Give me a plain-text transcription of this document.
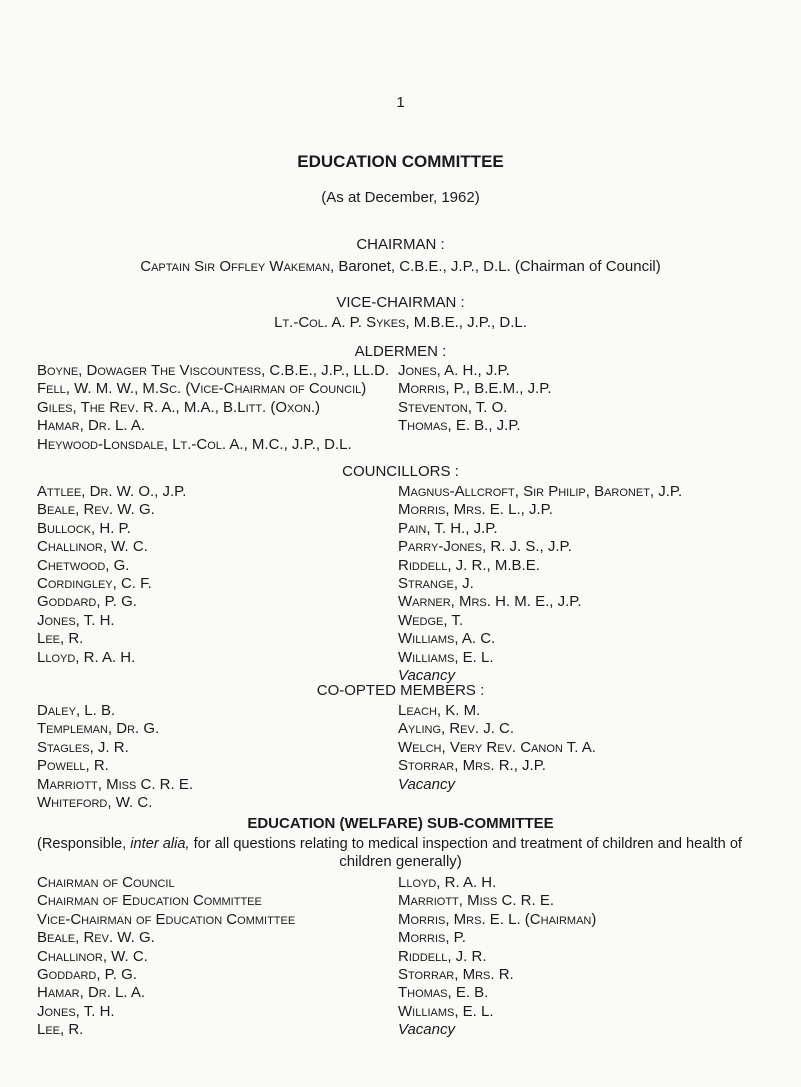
1
EDUCATION COMMITTEE
(As at December, 1962)
CHAIRMAN :
Captain Sir Offley Wakeman, Baronet, C.B.E., J.P., D.L. (Chairman of Council)
VICE-CHAIRMAN :
Lt.-Col. A. P. Sykes, M.B.E., J.P., D.L.
ALDERMEN :
Boyne, Dowager The Viscountess, C.B.E., J.P., LL.D.
Fell, W. M. W., M.Sc. (Vice-Chairman of Council)
Giles, The Rev. R. A., M.A., B.Litt. (Oxon.)
Hamar, Dr. L. A.
Heywood-Lonsdale, Lt.-Col. A., M.C., J.P., D.L.
Jones, A. H., J.P.
Morris, P., B.E.M., J.P.
Steventon, T. O.
Thomas, E. B., J.P.
COUNCILLORS :
Attlee, Dr. W. O., J.P.
Beale, Rev. W. G.
Bullock, H. P.
Challinor, W. C.
Chetwood, G.
Cordingley, C. F.
Goddard, P. G.
Jones, T. H.
Lee, R.
Lloyd, R. A. H.
Magnus-Allcroft, Sir Philip, Baronet, J.P.
Morris, Mrs. E. L., J.P.
Pain, T. H., J.P.
Parry-Jones, R. J. S., J.P.
Riddell, J. R., M.B.E.
Strange, J.
Warner, Mrs. H. M. E., J.P.
Wedge, T.
Williams, A. C.
Williams, E. L.
Vacancy
CO-OPTED MEMBERS :
Daley, L. B.
Templeman, Dr. G.
Stagles, J. R.
Powell, R.
Marriott, Miss C. R. E.
Whiteford, W. C.
Leach, K. M.
Ayling, Rev. J. C.
Welch, Very Rev. Canon T. A.
Storrar, Mrs. R., J.P.
Vacancy
EDUCATION (WELFARE) SUB-COMMITTEE
(Responsible, inter alia, for all questions relating to medical inspection and treatment of children and health of
children generally)
Chairman of Council
Chairman of Education Committee
Vice-Chairman of Education Committee
Beale, Rev. W. G.
Challinor, W. C.
Goddard, P. G.
Hamar, Dr. L. A.
Jones, T. H.
Lee, R.
Lloyd, R. A. H.
Marriott, Miss C. R. E.
Morris, Mrs. E. L. (Chairman)
Morris, P.
Riddell, J. R.
Storrar, Mrs. R.
Thomas, E. B.
Williams, E. L.
Vacancy
